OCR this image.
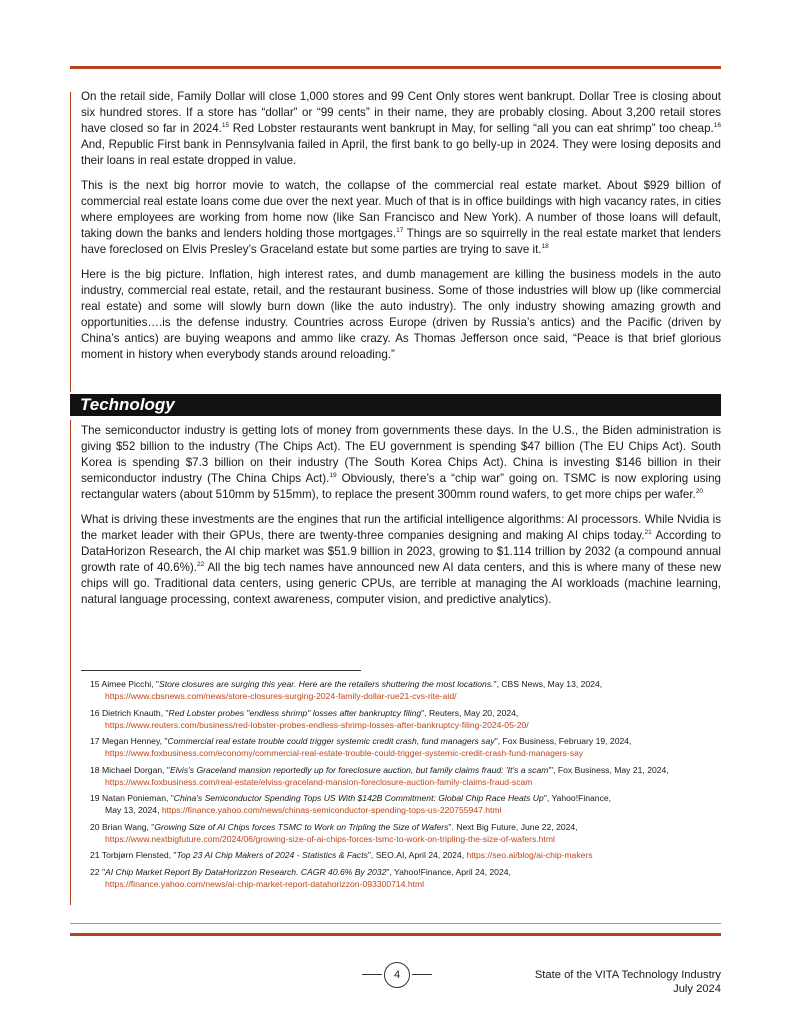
On the retail side, Family Dollar will close 1,000 stores and 99 Cent Only stores went bankrupt. Dollar Tree is closing about six hundred stores. If a store has “dollar” or “99 cents” in their name, they are probably closing. About 3,200 retail stores have closed so far in 2024.15 Red Lobster restaurants went bankrupt in May, for selling “all you can eat shrimp” too cheap.$^{16}$ And, Republic First bank in Pennsylvania failed in April, the first bank to go belly-up in 2024. They were losing deposits and their loans in real estate dropped in value.

This is the next big horror movie to watch, the collapse of the commercial real estate market. About $929 billion of commercial real estate loans come due over the next year. Much of that is in office buildings with high vacancy rates, in cities where employees are working from home now (like San Francisco and New York). A number of those loans will default, taking down the banks and lenders holding those mortgages.$^{17}$ Things are so squirrelly in the real estate market that lenders have foreclosed on Elvis Presley’s Graceland estate but some parties are trying to save it.$^{18}$

Here is the big picture. Inflation, high interest rates, and dumb management are killing the business models in the auto industry, commercial real estate, retail, and the restaurant business. Some of those industries will blow up (like commercial real estate) and some will slowly burn down (like the auto industry). The only industry showing amazing growth and opportunities….is the defense industry. Countries across Europe (driven by Russia’s antics) and the Pacific (driven by China’s antics) are buying weapons and ammo like crazy. As Thomas Jefferson once said, “Peace is that brief glorious moment in history when everybody stands around reloading.”

Technology

The semiconductor industry is getting lots of money from governments these days. In the U.S., the Biden administration is giving $52 billion to the industry (The Chips Act). The EU government is spending $47 billion (The EU Chips Act). South Korea is spending $7.3 billion on their industry (The South Korea Chips Act). China is investing $146 billion in their semiconductor industry (The China Chips Act).$^{19}$ Obviously, there’s a “chip war” going on. TSMC is now exploring using rectangular waters (about 510mm by 515mm), to replace the present 300mm round wafers, to get more chips per wafer.$^{20}$

What is driving these investments are the engines that run the artificial intelligence algorithms: AI processors. While Nvidia is the market leader with their GPUs, there are twenty-three companies designing and making AI chips today.$^{21}$ According to DataHorizon Research, the AI chip market was $51.9 billion in 2023, growing to $1.114 trillion by 2032 (a compound annual growth rate of 40.6%).$^{22}$ All the big tech names have announced new AI data centers, and this is where many of these new chips will go. Traditional data centers, using generic CPUs, are terrible at managing the AI workloads (machine learning, natural language processing, context awareness, computer vision, and predictive analytics).

15 Aimee Picchi, "Store closures are surging this year. Here are the retailers shuttering the most locations.", CBS News, May 13, 2024,
https://www.cbsnews.com/news/store-closures-surging-2024-family-dollar-rue21-cvs-rite-aid/
16 Dietrich Knauth, "Red Lobster probes "endless shrimp" losses after bankruptcy filing", Reuters, May 20, 2024,
https://www.reuters.com/business/red-lobster-probes-endless-shrimp-losses-after-bankruptcy-filing-2024-05-20/
17 Megan Henney, "Commercial real estate trouble could trigger systemic credit crash, fund managers say", Fox Business, February 19, 2024,
https://www.foxbusiness.com/economy/commercial-real-estate-trouble-could-trigger-systemic-credit-crash-fund-managers-say
18 Michael Dorgan, "Elvis's Graceland mansion reportedly up for foreclosure auction, but family claims fraud: 'It's a scam'", Fox Business, May 21, 2024,
https://www.foxbusiness.com/real-estate/elviss-graceland-mansion-foreclosure-auction-family-claims-fraud-scam
19 Natan Ponieman, "China's Semiconductor Spending Tops US With $142B Commitment: Global Chip Race Heats Up", Yahoo!Finance,
May 13, 2024, https://finance.yahoo.com/news/chinas-semiconductor-spending-tops-us-220755947.html
20 Brian Wang, "Growing Size of AI Chips forces TSMC to Work on Tripling the Size of Wafers". Next Big Future, June 22, 2024,
https://www.nextbigfuture.com/2024/06/growing-size-of-ai-chips-forces-tsmc-to-work-on-tripling-the-size-of-wafers.html
21 Torbjørn Flensted, "Top 23 AI Chip Makers of 2024 - Statistics & Facts", SEO.AI, April 24, 2024, https://seo.ai/blog/ai-chip-makers
22 "AI Chip Market Report By DataHorizzon Research. CAGR 40.6% By 2032", Yahoo!Finance, April 24, 2024,
https://finance.yahoo.com/news/ai-chip-market-report-datahorizzon-093300714.html
4	State of the VITA Technology Industry
July 2024
